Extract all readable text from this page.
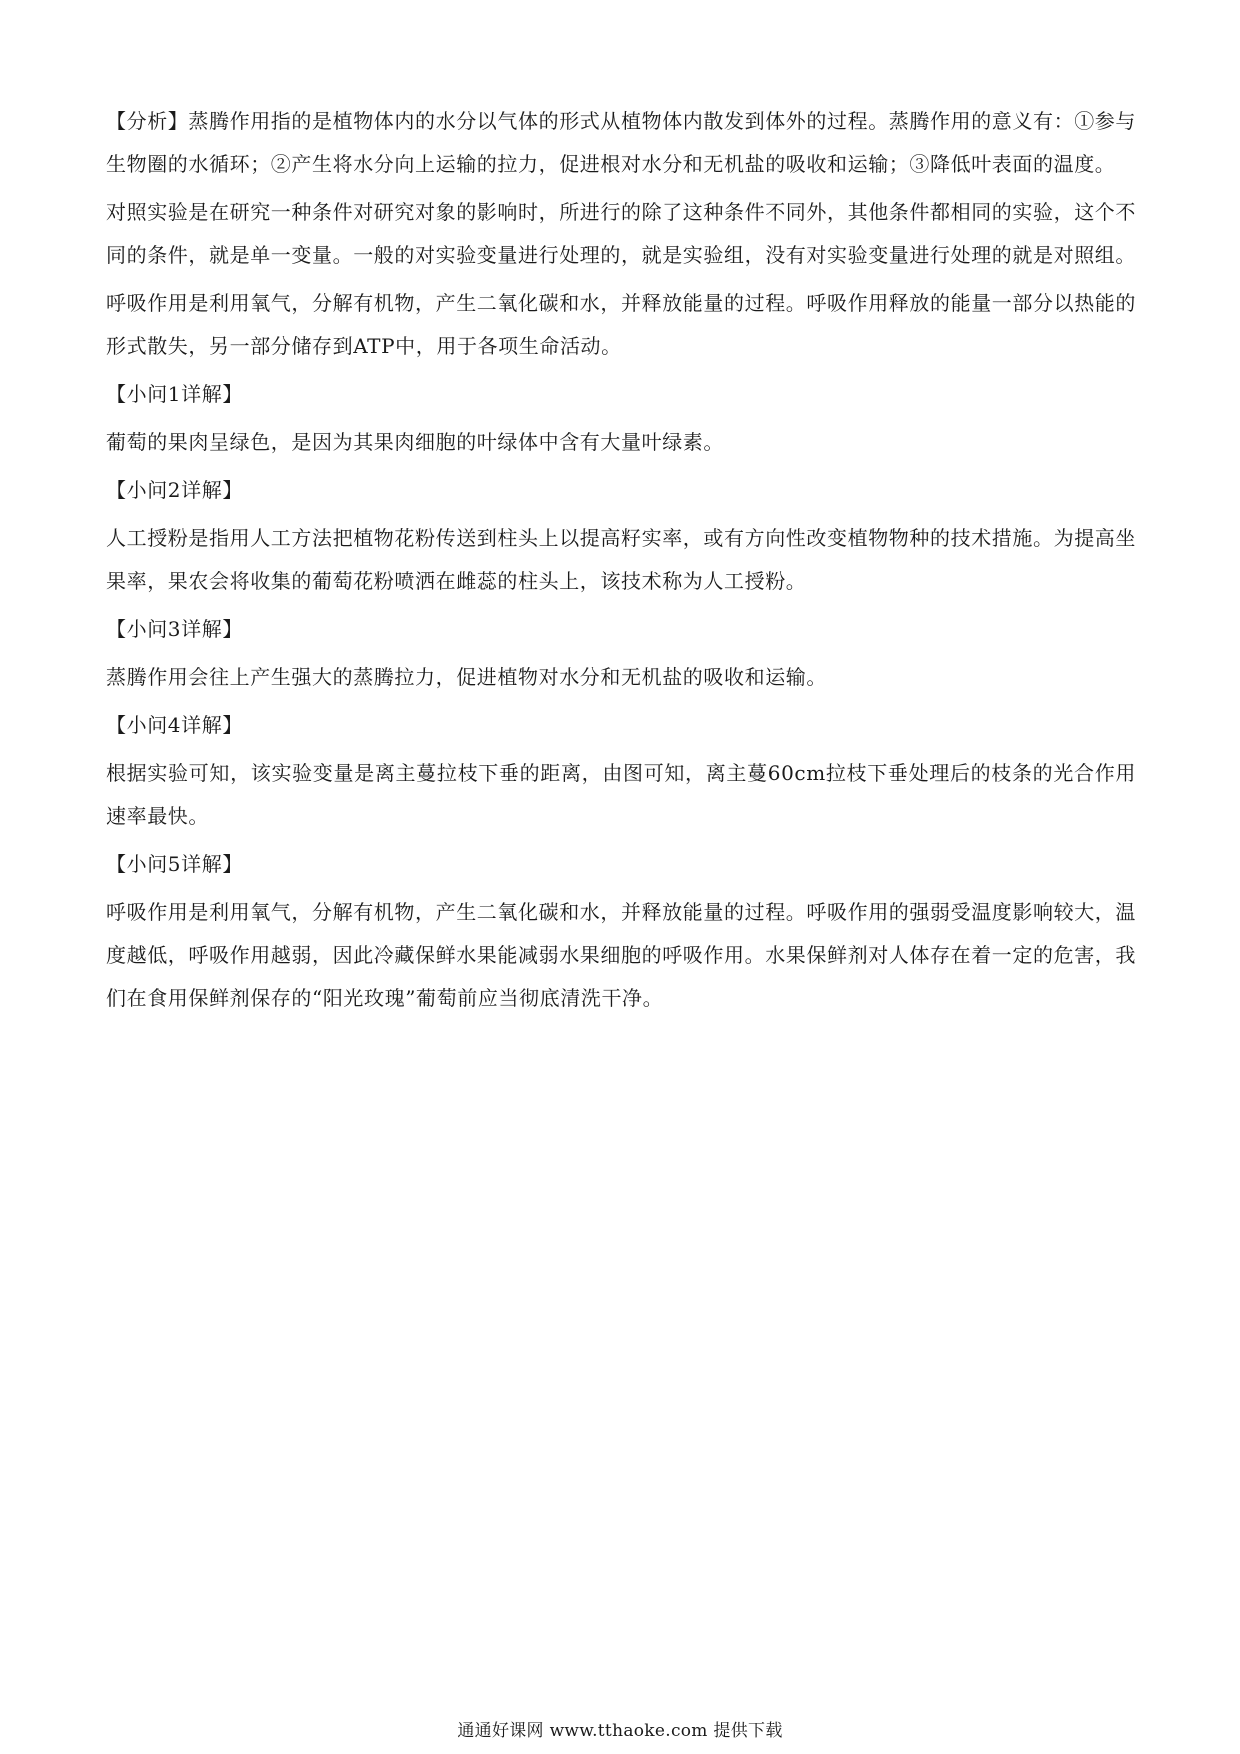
【分析】蒸腾作用指的是植物体内的水分以气体的形式从植物体内散发到体外的过程。蒸腾作用的意义有：①参与生物圈的水循环；②产生将水分向上运输的拉力，促进根对水分和无机盐的吸收和运输；③降低叶表面的温度。

对照实验是在研究一种条件对研究对象的影响时，所进行的除了这种条件不同外，其他条件都相同的实验，这个不同的条件，就是单一变量。一般的对实验变量进行处理的，就是实验组，没有对实验变量进行处理的就是对照组。

呼吸作用是利用氧气，分解有机物，产生二氧化碳和水，并释放能量的过程。呼吸作用释放的能量一部分以热能的形式散失，另一部分储存到ATP中，用于各项生命活动。

【小问1详解】

葡萄的果肉呈绿色，是因为其果肉细胞的叶绿体中含有大量叶绿素。

【小问2详解】

人工授粉是指用人工方法把植物花粉传送到柱头上以提高籽实率，或有方向性改变植物物种的技术措施。为提高坐果率，果农会将收集的葡萄花粉喷洒在雌蕊的柱头上，该技术称为人工授粉。

【小问3详解】

蒸腾作用会往上产生强大的蒸腾拉力，促进植物对水分和无机盐的吸收和运输。

【小问4详解】

根据实验可知，该实验变量是离主蔓拉枝下垂的距离，由图可知，离主蔓60cm拉枝下垂处理后的枝条的光合作用速率最快。

【小问5详解】

呼吸作用是利用氧气，分解有机物，产生二氧化碳和水，并释放能量的过程。呼吸作用的强弱受温度影响较大，温度越低，呼吸作用越弱，因此冷藏保鲜水果能减弱水果细胞的呼吸作用。水果保鲜剂对人体存在着一定的危害，我们在食用保鲜剂保存的“阳光玫瑰”葡萄前应当彻底清洗干净。

通通好课网 www.tthaoke.com 提供下载
